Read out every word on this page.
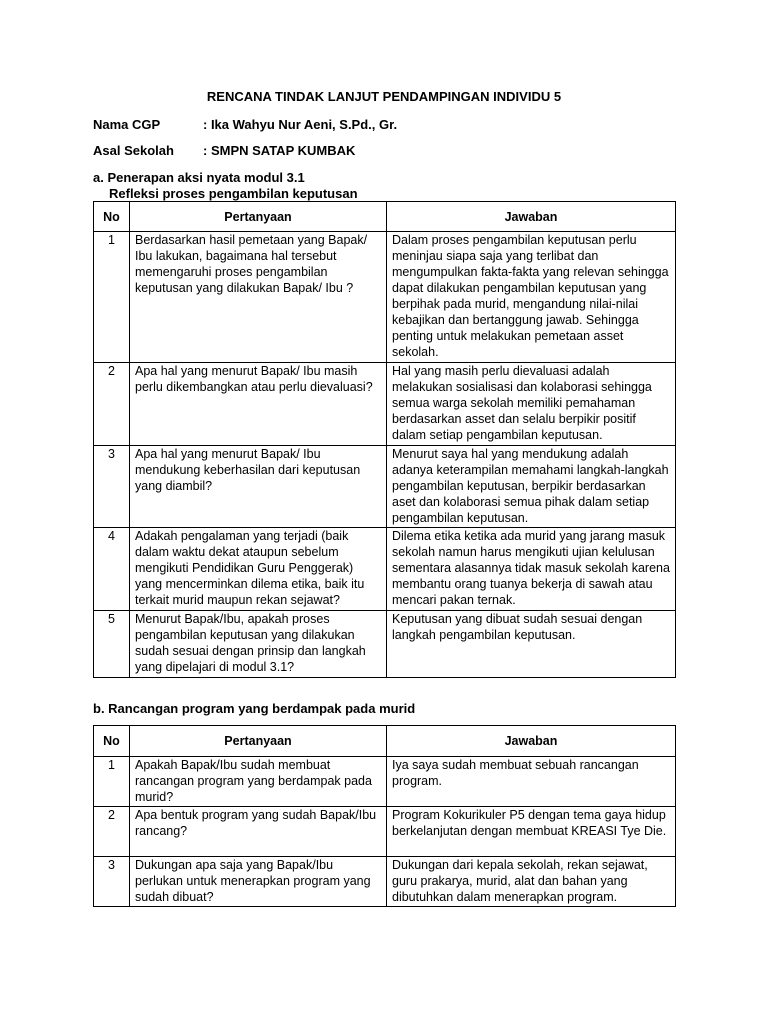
RENCANA TINDAK LANJUT PENDAMPINGAN INDIVIDU 5
Nama CGP	: Ika Wahyu Nur Aeni, S.Pd., Gr.
Asal Sekolah : SMPN SATAP KUMBAK
a. Penerapan aksi nyata modul 3.1
Refleksi proses pengambilan keputusan
No	Pertanyaan	Jawaban
1	Berdasarkan hasil pemetaan yang Bapak/ Ibu lakukan, bagaimana hal tersebut memengaruhi proses pengambilan keputusan yang dilakukan Bapak/ Ibu ?	Dalam proses pengambilan keputusan perlu meninjau siapa saja yang terlibat dan mengumpulkan fakta-fakta yang relevan sehingga dapat dilakukan pengambilan keputusan yang berpihak pada murid, mengandung nilai-nilai kebajikan dan bertanggung jawab. Sehingga penting untuk melakukan pemetaan asset sekolah.
2	Apa hal yang menurut Bapak/ Ibu masih perlu dikembangkan atau perlu dievaluasi?	Hal yang masih perlu dievaluasi adalah melakukan sosialisasi dan kolaborasi sehingga semua warga sekolah memiliki pemahaman berdasarkan asset dan selalu berpikir positif dalam setiap pengambilan keputusan.
3	Apa hal yang menurut Bapak/ Ibu mendukung keberhasilan dari keputusan yang diambil?	Menurut saya hal yang mendukung adalah adanya keterampilan memahami langkah-langkah pengambilan keputusan, berpikir berdasarkan aset dan kolaborasi semua pihak dalam setiap pengambilan keputusan.
4	Adakah pengalaman yang terjadi (baik dalam waktu dekat ataupun sebelum mengikuti Pendidikan Guru Penggerak) yang mencerminkan dilema etika, baik itu terkait murid maupun rekan sejawat?	Dilema etika ketika ada murid yang jarang masuk sekolah namun harus mengikuti ujian kelulusan sementara alasannya tidak masuk sekolah karena membantu orang tuanya bekerja di sawah atau mencari pakan ternak.
5	Menurut Bapak/Ibu, apakah proses pengambilan keputusan yang dilakukan sudah sesuai dengan prinsip dan langkah yang dipelajari di modul 3.1?	Keputusan yang dibuat sudah sesuai dengan langkah pengambilan keputusan.
b. Rancangan program yang berdampak pada murid
No	Pertanyaan	Jawaban
1	Apakah Bapak/Ibu sudah membuat rancangan program yang berdampak pada murid?	Iya saya sudah membuat sebuah rancangan program.
2	Apa bentuk program yang sudah Bapak/Ibu rancang?	Program Kokurikuler P5 dengan tema gaya hidup berkelanjutan dengan membuat KREASI Tye Die.
3	Dukungan apa saja yang Bapak/Ibu perlukan untuk menerapkan program yang sudah dibuat?	Dukungan dari kepala sekolah, rekan sejawat, guru prakarya, murid, alat dan bahan yang dibutuhkan dalam menerapkan program.
